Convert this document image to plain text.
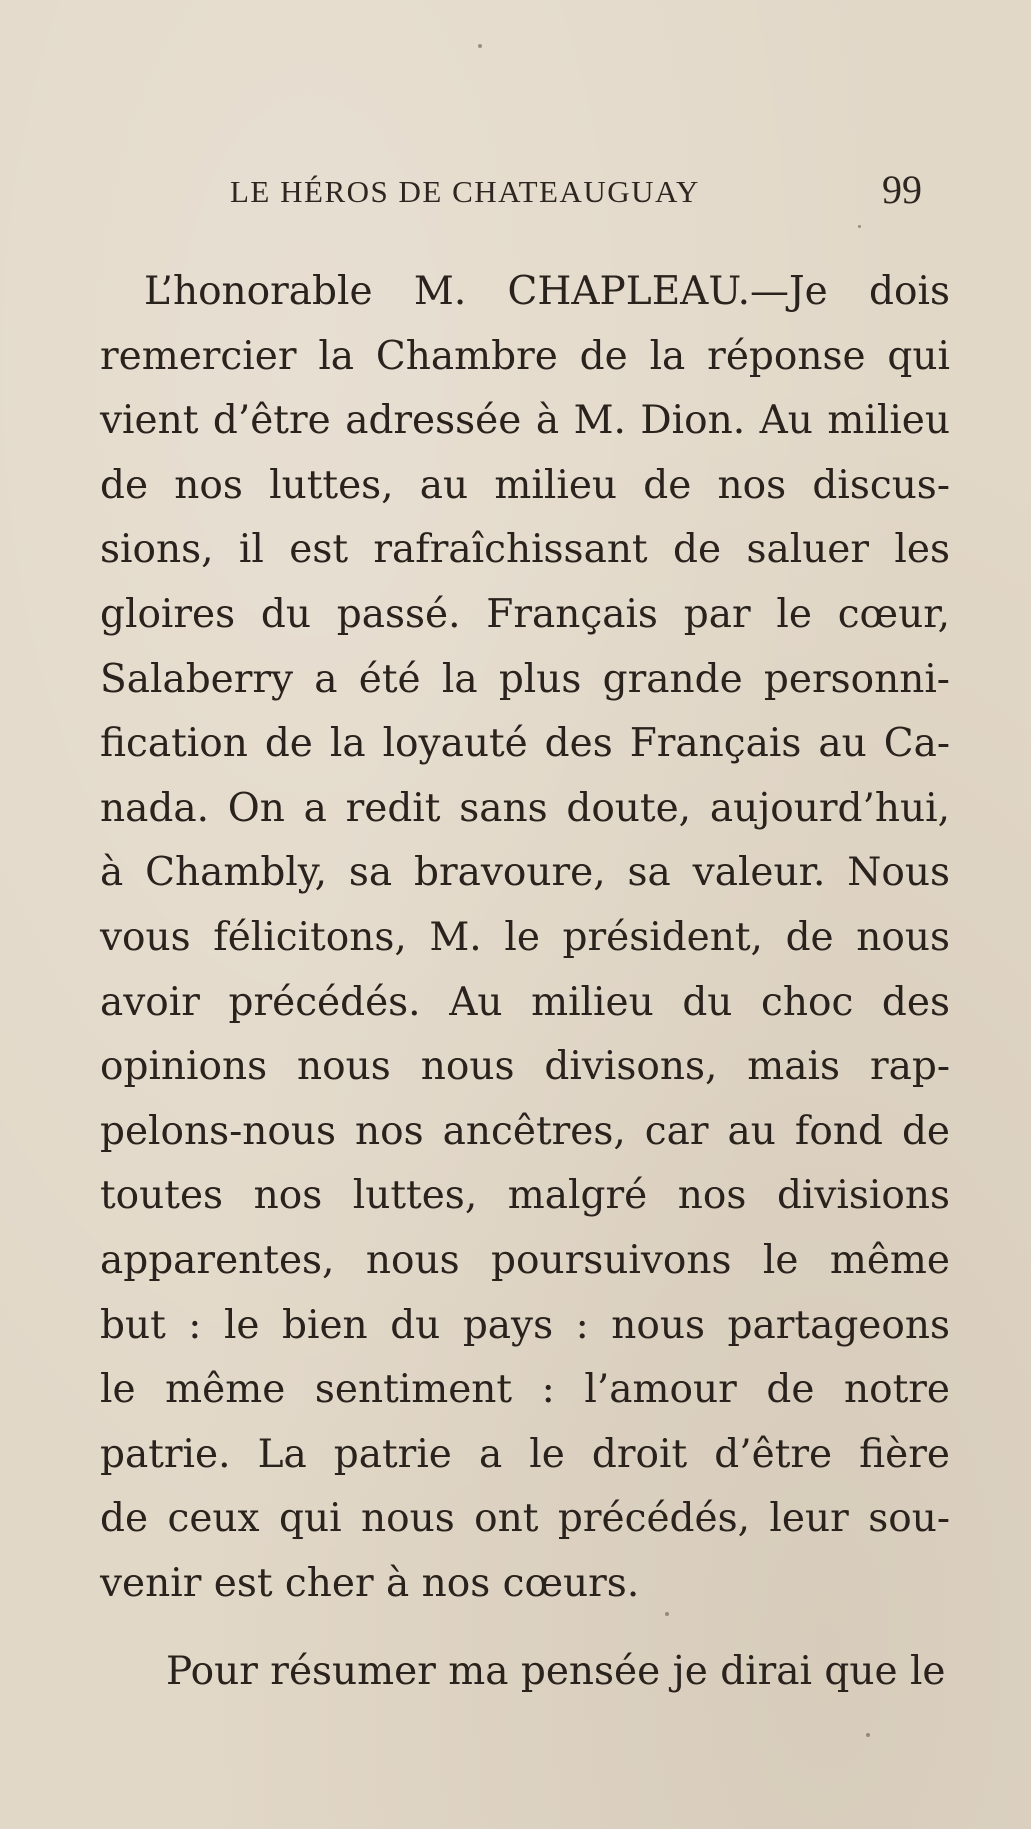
LE HÉROS DE CHATEAUGUAY	99
L’honorable M. CHAPLEAU.—Je dois
remercier la Chambre de la réponse qui
vient d’être adressée à M. Dion. Au milieu
de nos luttes, au milieu de nos discus-
sions, il est rafraîchissant de saluer les
gloires du passé. Français par le cœur,
Salaberry a été la plus grande personni-
fication de la loyauté des Français au Ca-
nada. On a redit sans doute, aujourd’hui,
à Chambly, sa bravoure, sa valeur. Nous
vous félicitons, M. le président, de nous
avoir précédés. Au milieu du choc des
opinions nous nous divisons, mais rap-
pelons-nous nos ancêtres, car au fond de
toutes nos luttes, malgré nos divisions
apparentes, nous poursuivons le même
but : le bien du pays : nous partageons
le même sentiment : l’amour de notre
patrie. La patrie a le droit d’être fière
de ceux qui nous ont précédés, leur sou-
venir est cher à nos cœurs.
Pour résumer ma pensée je dirai que le
